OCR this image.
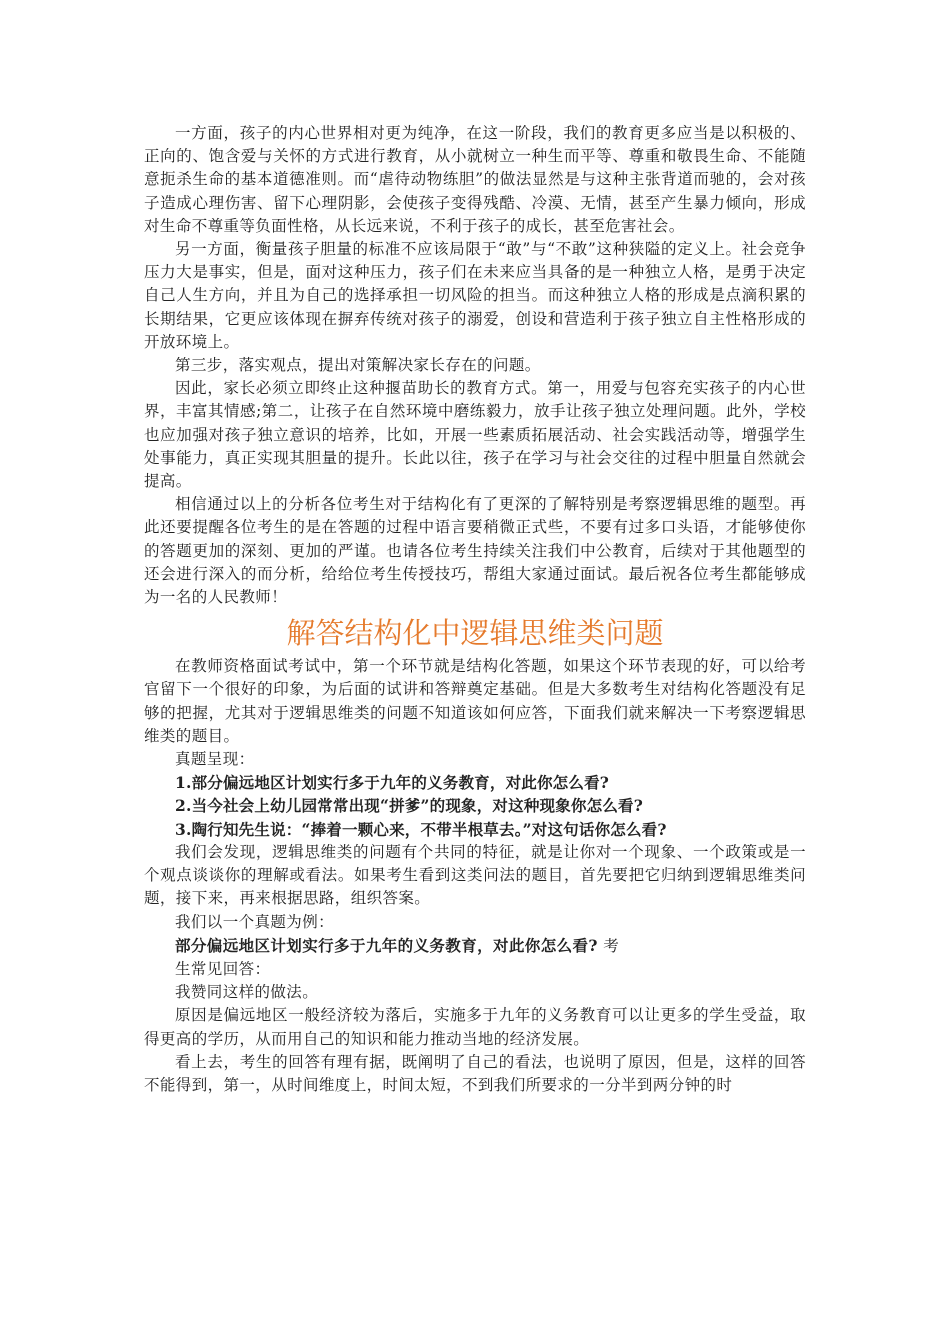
一方面，孩子的内心世界相对更为纯净，在这一阶段，我们的教育更多应当是以积极的、正向的、饱含爱与关怀的方式进行教育，从小就树立一种生而平等、尊重和敬畏生命、不能随意扼杀生命的基本道德准则。而“虐待动物练胆”的做法显然是与这种主张背道而驰的，会对孩子造成心理伤害、留下心理阴影，会使孩子变得残酷、冷漠、无情，甚至产生暴力倾向，形成对生命不尊重等负面性格，从长远来说，不利于孩子的成长，甚至危害社会。

另一方面，衡量孩子胆量的标准不应该局限于“敢”与“不敢”这种狭隘的定义上。社会竞争压力大是事实，但是，面对这种压力，孩子们在未来应当具备的是一种独立人格，是勇于决定自己人生方向，并且为自己的选择承担一切风险的担当。而这种独立人格的形成是点滴积累的长期结果，它更应该体现在摒弃传统对孩子的溺爱，创设和营造利于孩子独立自主性格形成的开放环境上。

第三步，落实观点，提出对策解决家长存在的问题。

因此，家长必须立即终止这种揠苗助长的教育方式。第一，用爱与包容充实孩子的内心世界，丰富其情感;第二，让孩子在自然环境中磨练毅力，放手让孩子独立处理问题。此外，学校也应加强对孩子独立意识的培养，比如，开展一些素质拓展活动、社会实践活动等，增强学生处事能力，真正实现其胆量的提升。长此以往，孩子在学习与社会交往的过程中胆量自然就会提高。

相信通过以上的分析各位考生对于结构化有了更深的了解特别是考察逻辑思维的题型。再此还要提醒各位考生的是在答题的过程中语言要稍微正式些，不要有过多口头语，才能够使你的答题更加的深刻、更加的严谨。也请各位考生持续关注我们中公教育，后续对于其他题型的还会进行深入的而分析，给给位考生传授技巧，帮组大家通过面试。最后祝各位考生都能够成为一名的人民教师！

解答结构化中逻辑思维类问题

在教师资格面试考试中，第一个环节就是结构化答题，如果这个环节表现的好，可以给考官留下一个很好的印象，为后面的试讲和答辩奠定基础。但是大多数考生对结构化答题没有足够的把握，尤其对于逻辑思维类的问题不知道该如何应答，下面我们就来解决一下考察逻辑思维类的题目。

真题呈现：

1.部分偏远地区计划实行多于九年的义务教育，对此你怎么看?

2.当今社会上幼儿园常常出现“拼爹”的现象，对这种现象你怎么看?

3.陶行知先生说：“捧着一颗心来，不带半根草去。”对这句话你怎么看?

我们会发现，逻辑思维类的问题有个共同的特征，就是让你对一个现象、一个政策或是一个观点谈谈你的理解或看法。如果考生看到这类问法的题目，首先要把它归纳到逻辑思维类问题，接下来，再来根据思路，组织答案。

我们以一个真题为例：

部分偏远地区计划实行多于九年的义务教育，对此你怎么看? 考

生常见回答：

我赞同这样的做法。

原因是偏远地区一般经济较为落后，实施多于九年的义务教育可以让更多的学生受益，取得更高的学历，从而用自己的知识和能力推动当地的经济发展。

看上去，考生的回答有理有据，既阐明了自己的看法，也说明了原因，但是，这样的回答不能得到，第一，从时间维度上，时间太短，不到我们所要求的一分半到两分钟的时
